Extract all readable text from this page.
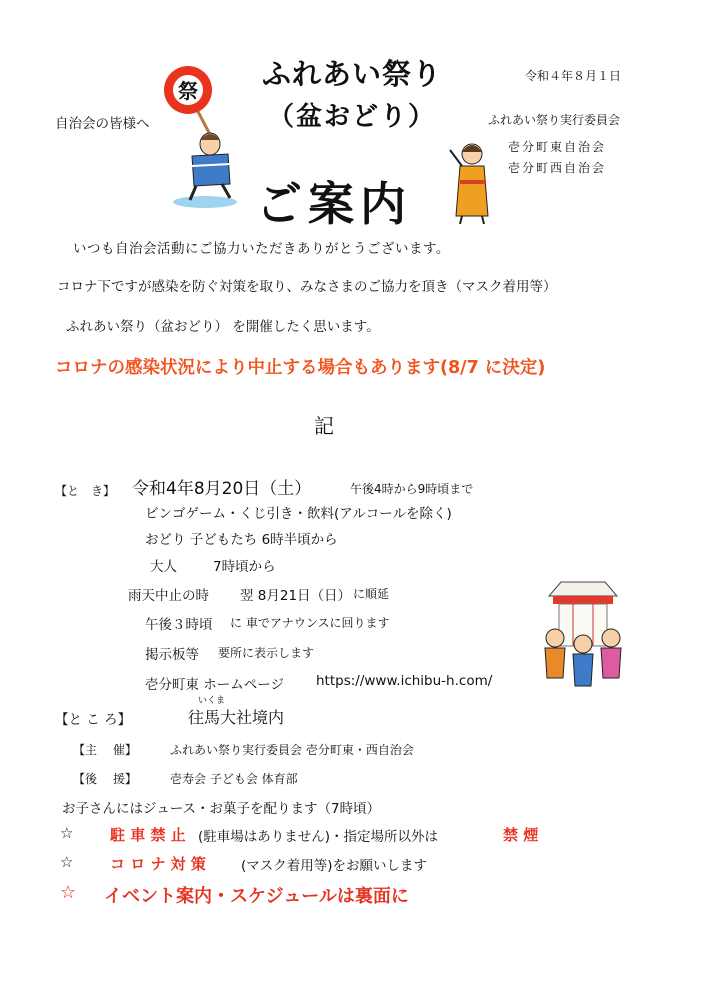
令和４年８月１日
ふれあい祭り実行委員会
壱分町東自治会
壱分町西自治会
自治会の皆様へ
ふれあい祭り
（盆おどり）
ご案内
祭
いつも自治会活動にご協力いただきありがとうございます。
コロナ下ですが感染を防ぐ対策を取り、みなさまのご協力を頂き（マスク着用等）
ふれあい祭り（盆おどり） を開催したく思います。
コロナの感染状況により中止する場合もあります(8/7 に決定)
記
【と　き】 令和4年8月20日（土）	午後4時から9時頃まで
ビンゴゲーム・くじ引き・飲料(アルコールを除く)
おどり 子どもたち 6時半頃から
大人	7時頃から
雨天中止の時 翌 8月21日（日） に順延
午後３時頃 に 車でアナウンスに回ります
掲示板等 要所に表示します
壱分町東 ホームページ https://www.ichibu-h.com/
【と こ ろ】
いくま
往馬大社境内
【主　 催】	ふれあい祭り実行委員会 壱分町東・西自治会
【後　 援】	壱寿会 子ども会 体育部
お子さんにはジュース・お菓子を配ります（7時頃）
☆ 駐 車 禁 止 (駐車場はありません)・指定場所以外は	禁 煙
☆ コ ロ ナ 対 策	(マスク着用等)をお願いします
☆ イベント案内・スケジュールは裏面に
